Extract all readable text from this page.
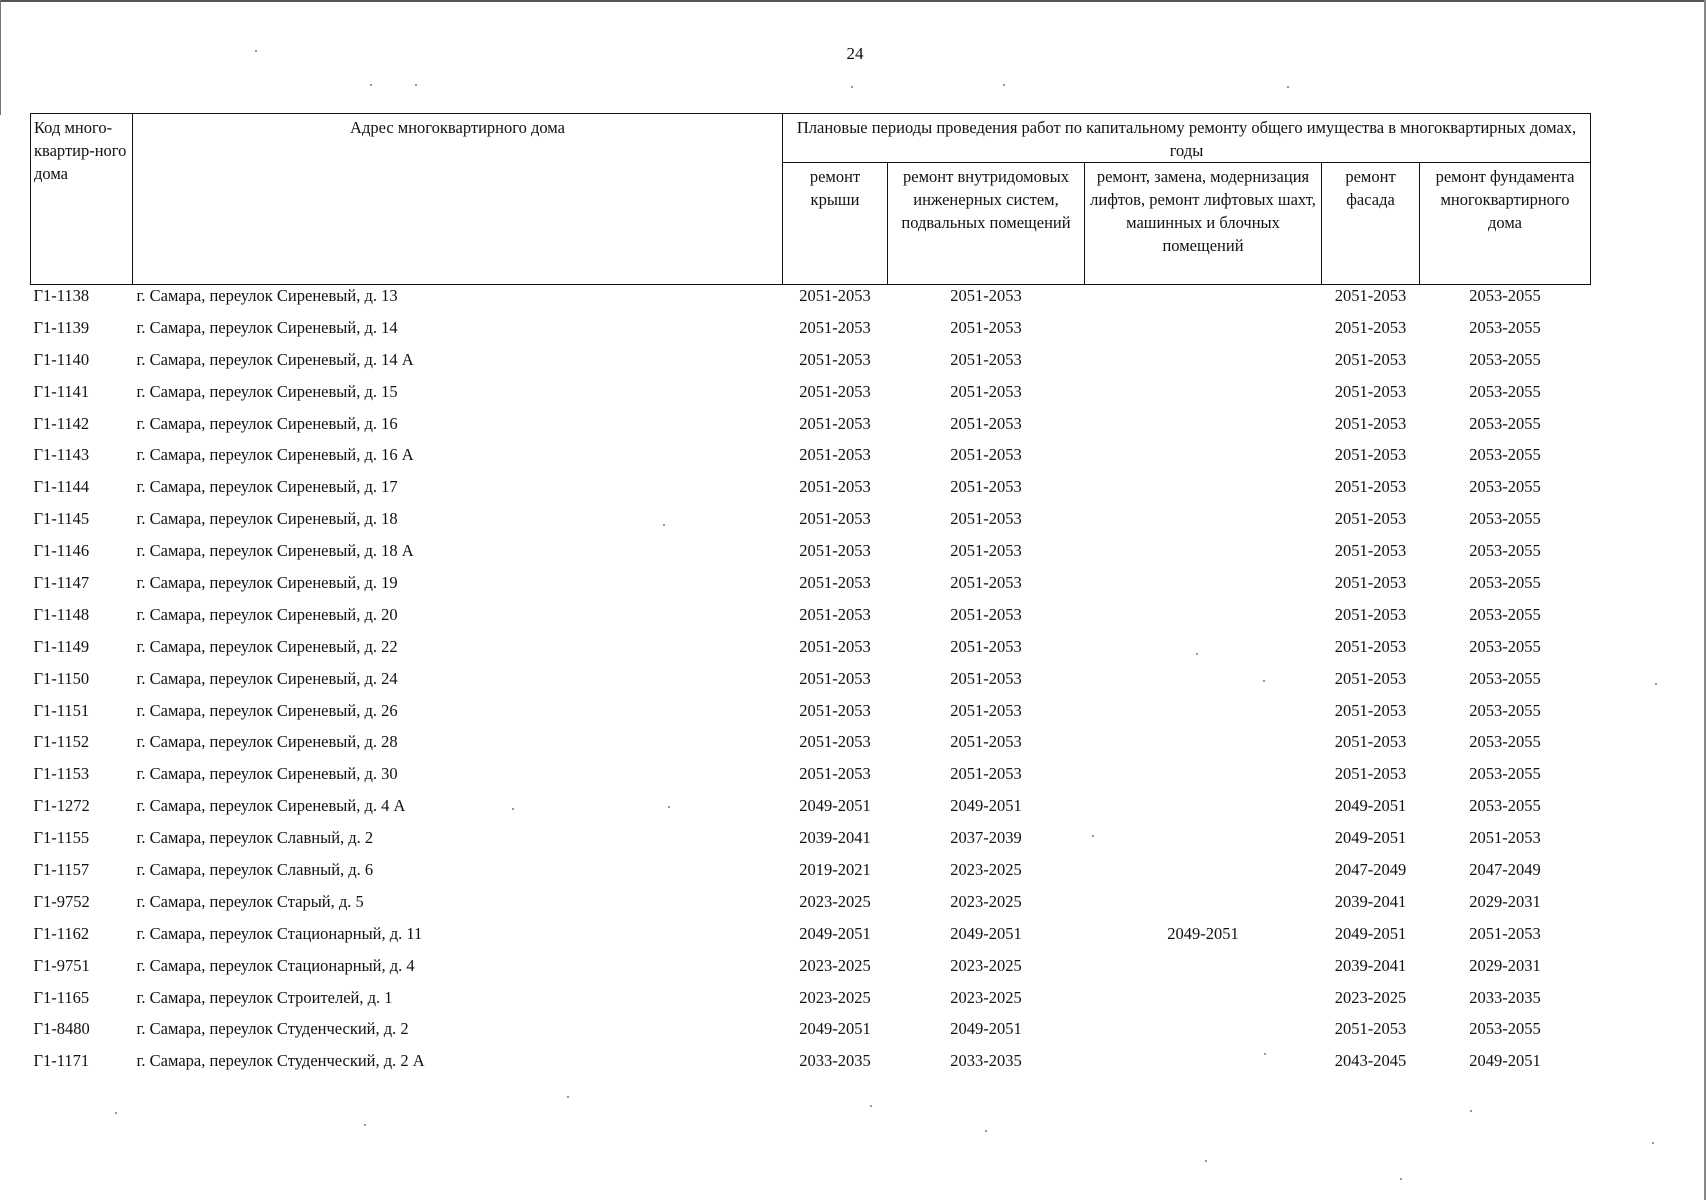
24
Код много-квартир-ного дома	Адрес многоквартирного дома	Плановые периоды проведения работ по капитальному ремонту общего имущества в многоквартирных домах, годы				
		ремонт крыши	ремонт внутридомовых инженерных систем, подвальных помещений	ремонт, замена, модернизация лифтов, ремонт лифтовых шахт, машинных и блочных помещений	ремонт фасада	ремонт фундамента многоквартирного дома
Г1-1138	г. Самара, переулок Сиреневый, д. 13	2051-2053	2051-2053		2051-2053	2053-2055
Г1-1139	г. Самара, переулок Сиреневый, д. 14	2051-2053	2051-2053		2051-2053	2053-2055
Г1-1140	г. Самара, переулок Сиреневый, д. 14 А	2051-2053	2051-2053		2051-2053	2053-2055
Г1-1141	г. Самара, переулок Сиреневый, д. 15	2051-2053	2051-2053		2051-2053	2053-2055
Г1-1142	г. Самара, переулок Сиреневый, д. 16	2051-2053	2051-2053		2051-2053	2053-2055
Г1-1143	г. Самара, переулок Сиреневый, д. 16 А	2051-2053	2051-2053		2051-2053	2053-2055
Г1-1144	г. Самара, переулок Сиреневый, д. 17	2051-2053	2051-2053		2051-2053	2053-2055
Г1-1145	г. Самара, переулок Сиреневый, д. 18	2051-2053	2051-2053		2051-2053	2053-2055
Г1-1146	г. Самара, переулок Сиреневый, д. 18 А	2051-2053	2051-2053		2051-2053	2053-2055
Г1-1147	г. Самара, переулок Сиреневый, д. 19	2051-2053	2051-2053		2051-2053	2053-2055
Г1-1148	г. Самара, переулок Сиреневый, д. 20	2051-2053	2051-2053		2051-2053	2053-2055
Г1-1149	г. Самара, переулок Сиреневый, д. 22	2051-2053	2051-2053		2051-2053	2053-2055
Г1-1150	г. Самара, переулок Сиреневый, д. 24	2051-2053	2051-2053		2051-2053	2053-2055
Г1-1151	г. Самара, переулок Сиреневый, д. 26	2051-2053	2051-2053		2051-2053	2053-2055
Г1-1152	г. Самара, переулок Сиреневый, д. 28	2051-2053	2051-2053		2051-2053	2053-2055
Г1-1153	г. Самара, переулок Сиреневый, д. 30	2051-2053	2051-2053		2051-2053	2053-2055
Г1-1272	г. Самара, переулок Сиреневый, д. 4 А	2049-2051	2049-2051		2049-2051	2053-2055
Г1-1155	г. Самара, переулок Славный, д. 2	2039-2041	2037-2039		2049-2051	2051-2053
Г1-1157	г. Самара, переулок Славный, д. 6	2019-2021	2023-2025		2047-2049	2047-2049
Г1-9752	г. Самара, переулок Старый, д. 5	2023-2025	2023-2025		2039-2041	2029-2031
Г1-1162	г. Самара, переулок Стационарный, д. 11	2049-2051	2049-2051	2049-2051	2049-2051	2051-2053
Г1-9751	г. Самара, переулок Стационарный, д. 4	2023-2025	2023-2025		2039-2041	2029-2031
Г1-1165	г. Самара, переулок Строителей, д. 1	2023-2025	2023-2025		2023-2025	2033-2035
Г1-8480	г. Самара, переулок Студенческий, д. 2	2049-2051	2049-2051		2051-2053	2053-2055
Г1-1171	г. Самара, переулок Студенческий, д. 2 А	2033-2035	2033-2035		2043-2045	2049-2051
